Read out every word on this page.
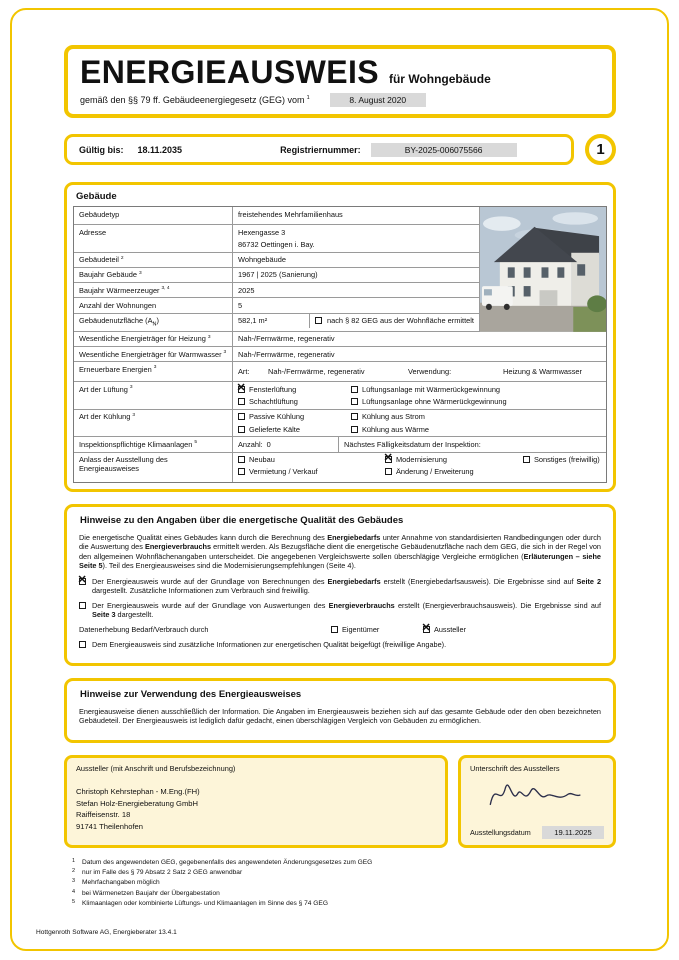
ENERGIEAUSWEIS für Wohngebäude
gemäß den §§ 79 ff. Gebäudeenergiegesetz (GEG) vom $^1$	8. August 2020
Gültig bis: 18.11.2035	Registriernummer:	BY-2025-006075566	1
Gebäude
Gebäudetyp	freistehendes Mehrfamilienhaus
Adresse	Hexengasse 3
86732 Oettingen i. Bay.
Gebäudeteil $^2$	Wohngebäude
Baujahr Gebäude $^3$	1967 | 2025 (Sanierung)
Baujahr Wärmeerzeuger $^{3, 4}$	2025
Anzahl der Wohnungen	5
Gebäudenutzfläche $(A_N)$	582,1 m²	nach § 82 GEG aus der Wohnfläche ermittelt
Wesentliche Energieträger für Heizung $^3$	Nah-/Fernwärme, regenerativ
Wesentliche Energieträger für Warmwasser $^3$	Nah-/Fernwärme, regenerativ
Erneuerbare Energien $^3$	Art:	Nah-/Fernwärme, regenerativ	Verwendung:	Heizung & Warmwasser
Art der Lüftung $^3$ ✕	Fensterlüftung	Lüftungsanlage mit Wärmerückgewinnung
Schachtlüftung	Lüftungsanlage ohne Wärmerückgewinnung
Art der Kühlung $^3$	Passive Kühlung	Kühlung aus Strom
Gelieferte Kälte	Kühlung aus Wärme
Inspektionspflichtige Klimaanlagen $^5$	Anzahl: 0	Nächstes Fälligkeitsdatum der Inspektion:
Anlass der Ausstellung des Energieausweises
Neubau ✕	Modernisierung	Sonstiges (freiwillig)
Vermietung / Verkauf	Änderung / Erweiterung
Hinweise zu den Angaben über die energetische Qualität des Gebäudes

Die energetische Qualität eines Gebäudes kann durch die Berechnung des Energiebedarfs unter Annahme von standardisierten Randbedingungen oder durch die Auswertung des Energieverbrauchs ermittelt werden. Als Bezugsfläche dient die energetische Gebäudenutzfläche nach dem GEG, die sich in der Regel von den allgemeinen Wohnflächenangaben unterscheidet. Die angegebenen Vergleichswerte sollen überschlägige Vergleiche ermöglichen (Erläuterungen – siehe Seite 5). Teil des Energieausweises sind die Modernisierungsempfehlungen (Seite 4).

✕
Der Energieausweis wurde auf der Grundlage von Berechnungen des Energiebedarfs erstellt (Energiebedarfsausweis). Die Ergebnisse sind auf Seite 2 dargestellt. Zusätzliche Informationen zum Verbrauch sind freiwillig.
Der Energieausweis wurde auf der Grundlage von Auswertungen des Energieverbrauchs erstellt (Energieverbrauchsausweis). Die Ergebnisse sind auf Seite 3 dargestellt.
Datenerhebung Bedarf/Verbrauch durch	Eigentümer ✕	Aussteller
Dem Energieausweis sind zusätzliche Informationen zur energetischen Qualität beigefügt (freiwillige Angabe).
Hinweise zur Verwendung des Energieausweises

Energieausweise dienen ausschließlich der Information. Die Angaben im Energieausweis beziehen sich auf das gesamte Gebäude oder den oben bezeichneten Gebäudeteil. Der Energieausweis ist lediglich dafür gedacht, einen überschlägigen Vergleich von Gebäuden zu ermöglichen.

Aussteller (mit Anschrift und Berufsbezeichnung)
Christoph Kehrstephan - M.Eng.(FH)
Stefan Holz-Energieberatung GmbH
Raiffeisenstr. 18
91741 Theilenhofen
Unterschrift des Ausstellers
Ausstellungsdatum	19.11.2025
1	Datum des angewendeten GEG, gegebenenfalls des angewendeten Änderungsgesetzes zum GEG
2	nur im Falle des § 79 Absatz 2 Satz 2 GEG anwendbar
3	Mehrfachangaben möglich
4	bei Wärmenetzen Baujahr der Übergabestation
5	Klimaanlagen oder kombinierte Lüftungs- und Klimaanlagen im Sinne des § 74 GEG
Hottgenroth Software AG, Energieberater 13.4.1
